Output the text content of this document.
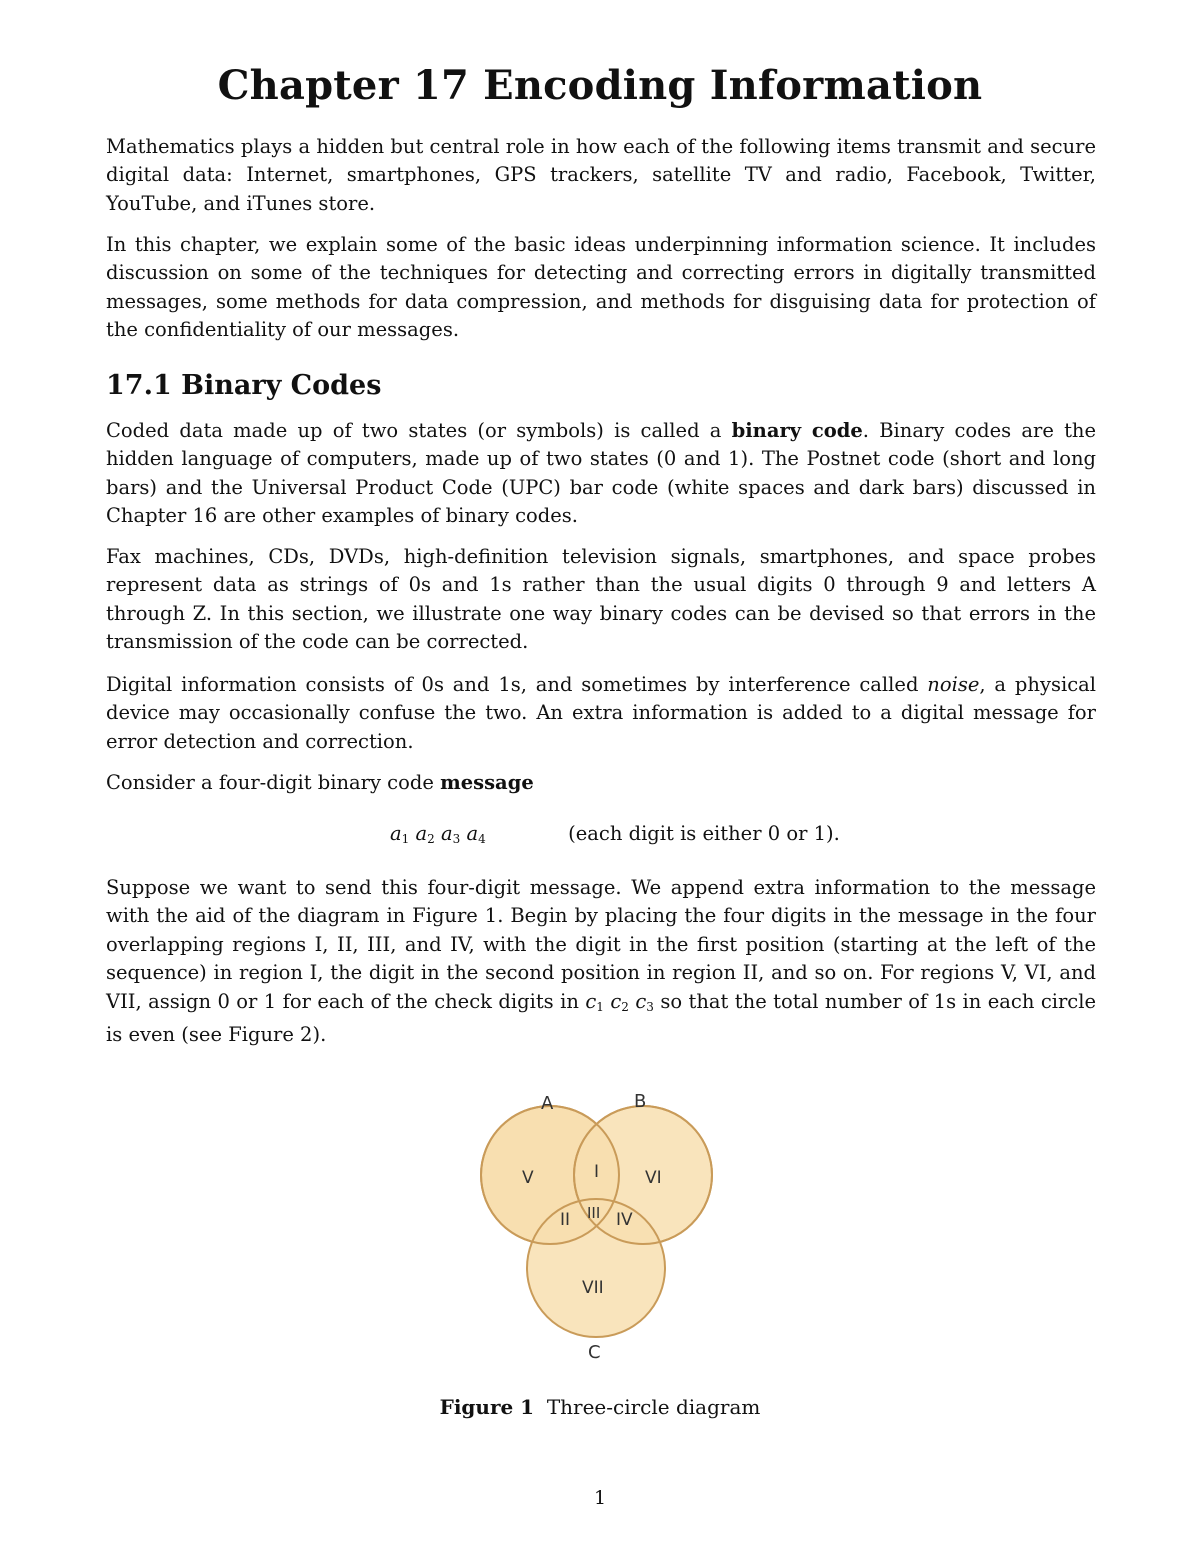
Chapter 17 Encoding Information

Mathematics plays a hidden but central role in how each of the following items transmit and secure digital data: Internet, smartphones, GPS trackers, satellite TV and radio, Facebook, Twitter, YouTube, and iTunes store.

In this chapter, we explain some of the basic ideas underpinning information science. It includes discussion on some of the techniques for detecting and correcting errors in digitally transmitted messages, some methods for data compression, and methods for disguising data for protection of the confidentiality of our messages.

17.1 Binary Codes

Coded data made up of two states (or symbols) is called a binary code. Binary codes are the hidden language of computers, made up of two states (0 and 1). The Postnet code (short and long bars) and the Universal Product Code (UPC) bar code (white spaces and dark bars) discussed in Chapter 16 are other examples of binary codes.

Fax machines, CDs, DVDs, high-definition television signals, smartphones, and space probes represent data as strings of 0s and 1s rather than the usual digits 0 through 9 and letters A through Z. In this section, we illustrate one way binary codes can be devised so that errors in the transmission of the code can be corrected.

Digital information consists of 0s and 1s, and sometimes by interference called noise, a physical device may occasionally confuse the two. An extra information is added to a digital message for error detection and correction.

Consider a four-digit binary code message

$a_1$ $a_2$ $a_3$ $a_4$	(each digit is either 0 or 1).

Suppose we want to send this four-digit message. We append extra information to the message with the aid of the diagram in Figure 1. Begin by placing the four digits in the message in the four overlapping regions I, II, III, and IV, with the digit in the first position (starting at the left of the sequence) in region I, the digit in the second position in region II, and so on. For regions V, VI, and VII, assign 0 or 1 for each of the check digits in $c_1$ $c_2$ $c_3$ so that the total number of 1s in each circle is even (see Figure 2).

A	B
C
I
II III IV
V	VI
VII
Figure 1 Three-circle diagram
1
